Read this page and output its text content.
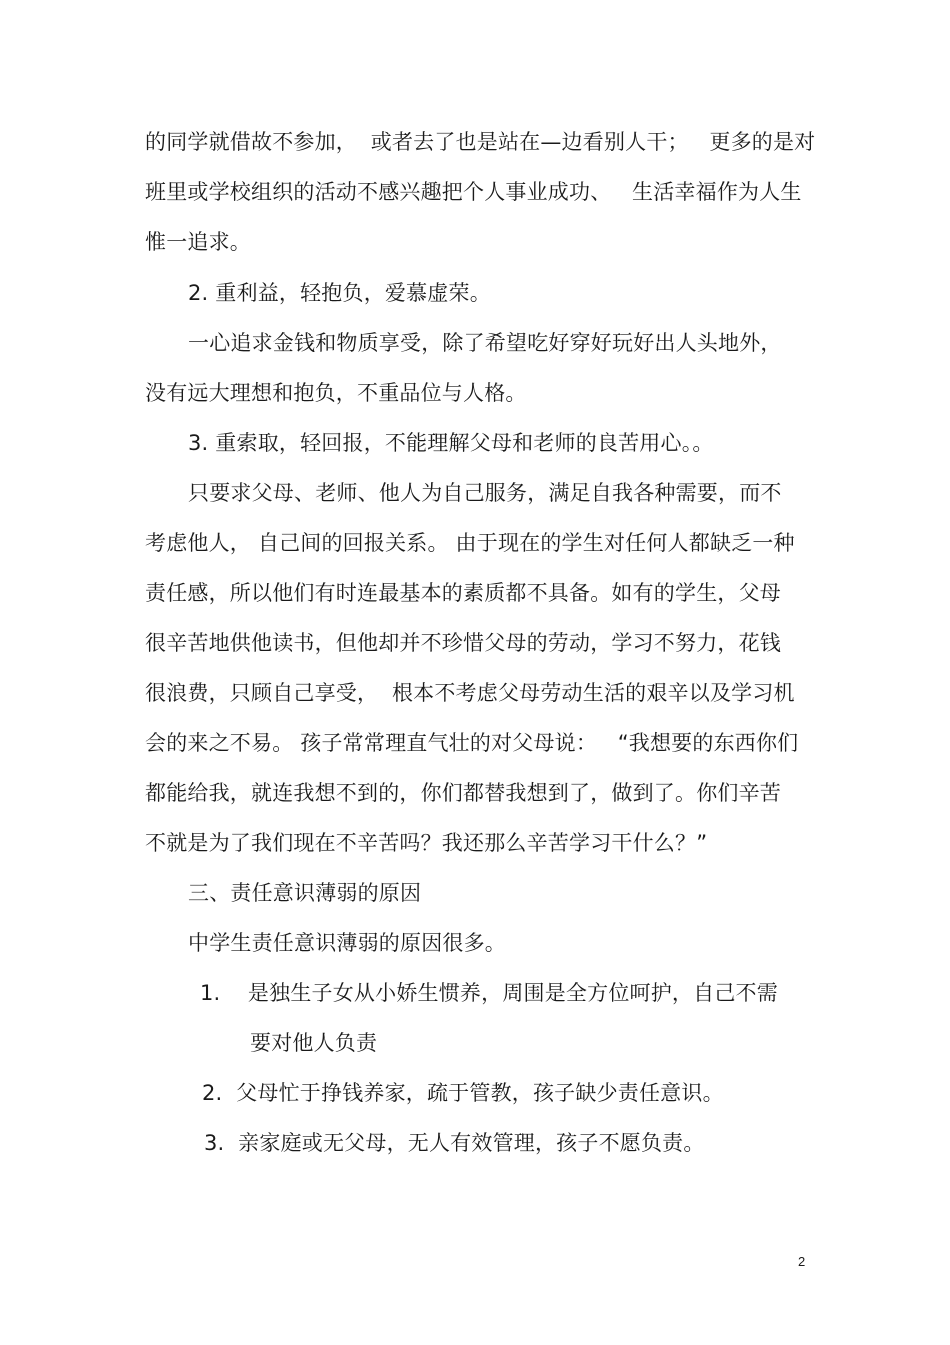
的同学就借故不参加，  或者去了也是站在—边看别人干；   更多的是对
班里或学校组织的活动不感兴趣把个人事业成功、   生活幸福作为人生
惟一追求。
2. 重利益，轻抱负，爱慕虚荣。
一心追求金钱和物质享受，除了希望吃好穿好玩好出人头地外，
没有远大理想和抱负，不重品位与人格。
3. 重索取，轻回报，不能理解父母和老师的良苦用心。。
只要求父母、老师、他人为自己服务，满足自我各种需要，而不
考虑他人， 自己间的回报关系。 由于现在的学生对任何人都缺乏一种
责任感，所以他们有时连最基本的素质都不具备。如有的学生，父母
很辛苦地供他读书，但他却并不珍惜父母的劳动，学习不努力，花钱
很浪费，只顾自己享受，  根本不考虑父母劳动生活的艰辛以及学习机
会的来之不易。 孩子常常理直气壮的对父母说：   “我想要的东西你们
都能给我，就连我想不到的，你们都替我想到了，做到了。你们辛苦
不就是为了我们现在不辛苦吗？我还那么辛苦学习干什么？”
三、责任意识薄弱的原因
中学生责任意识薄弱的原因很多。
1.    是独生子女从小娇生惯养，周围是全方位呵护，自己不需
要对他人负责
2.  父母忙于挣钱养家，疏于管教，孩子缺少责任意识。
3.  亲家庭或无父母，无人有效管理，孩子不愿负责。
2
